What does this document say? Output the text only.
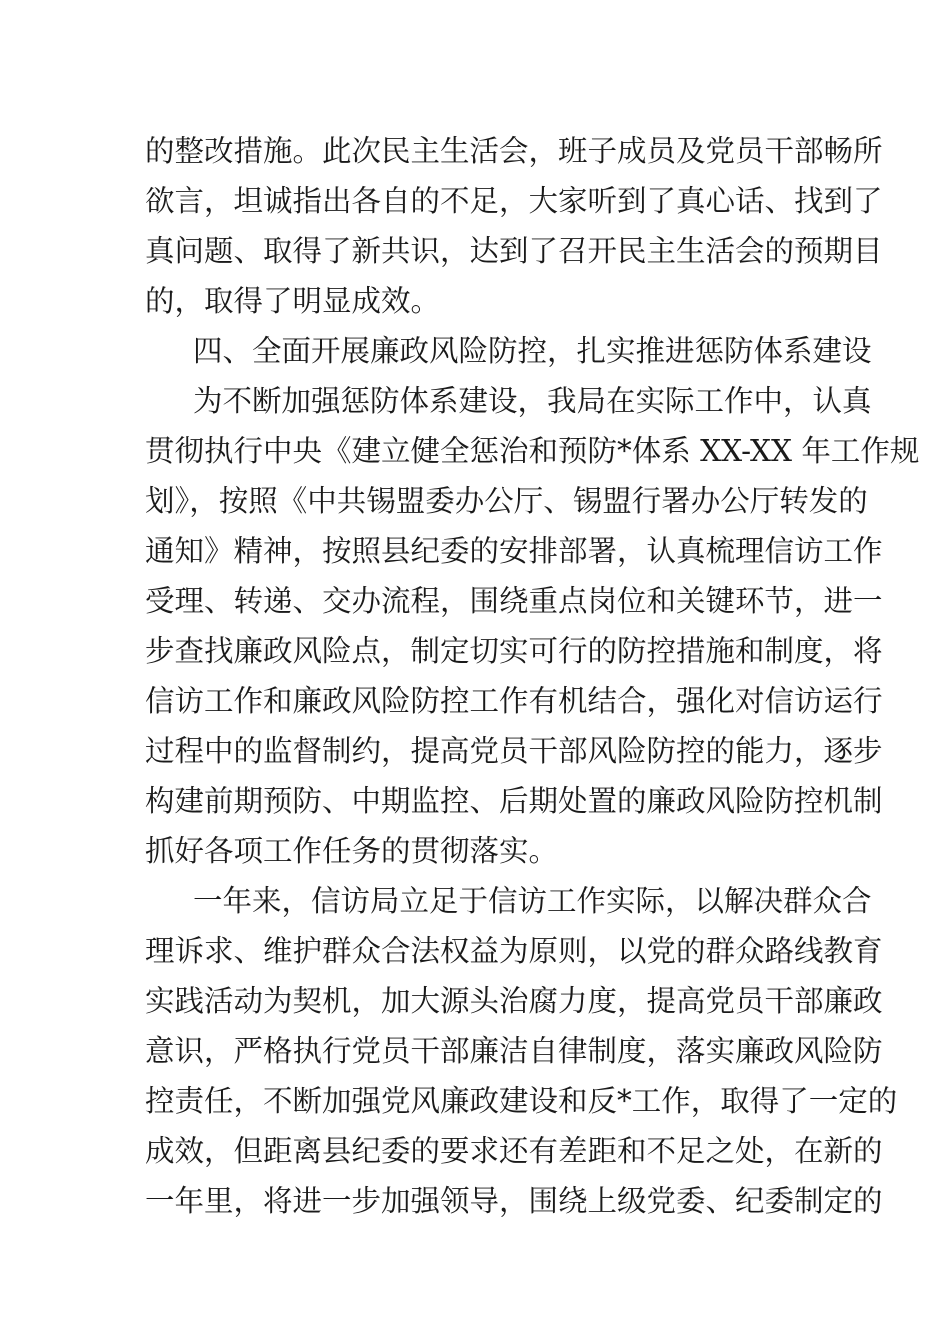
的整改措施。此次民主生活会，班子成员及党员干部畅所
欲言，坦诚指出各自的不足，大家听到了真心话、找到了
真问题、取得了新共识，达到了召开民主生活会的预期目
的，取得了明显成效。
四、全面开展廉政风险防控，扎实推进惩防体系建设
为不断加强惩防体系建设，我局在实际工作中，认真
贯彻执行中央《建立健全惩治和预防*体系 XX-XX 年工作规
划》，按照《中共锡盟委办公厅、锡盟行署办公厅转发的
通知》精神，按照县纪委的安排部署，认真梳理信访工作
受理、转递、交办流程，围绕重点岗位和关键环节，进一
步查找廉政风险点，制定切实可行的防控措施和制度，将
信访工作和廉政风险防控工作有机结合，强化对信访运行
过程中的监督制约，提高党员干部风险防控的能力，逐步
构建前期预防、中期监控、后期处置的廉政风险防控机制
抓好各项工作任务的贯彻落实。
一年来，信访局立足于信访工作实际，以解决群众合
理诉求、维护群众合法权益为原则，以党的群众路线教育
实践活动为契机，加大源头治腐力度，提高党员干部廉政
意识，严格执行党员干部廉洁自律制度，落实廉政风险防
控责任，不断加强党风廉政建设和反*工作，取得了一定的
成效，但距离县纪委的要求还有差距和不足之处，在新的
一年里，将进一步加强领导，围绕上级党委、纪委制定的
